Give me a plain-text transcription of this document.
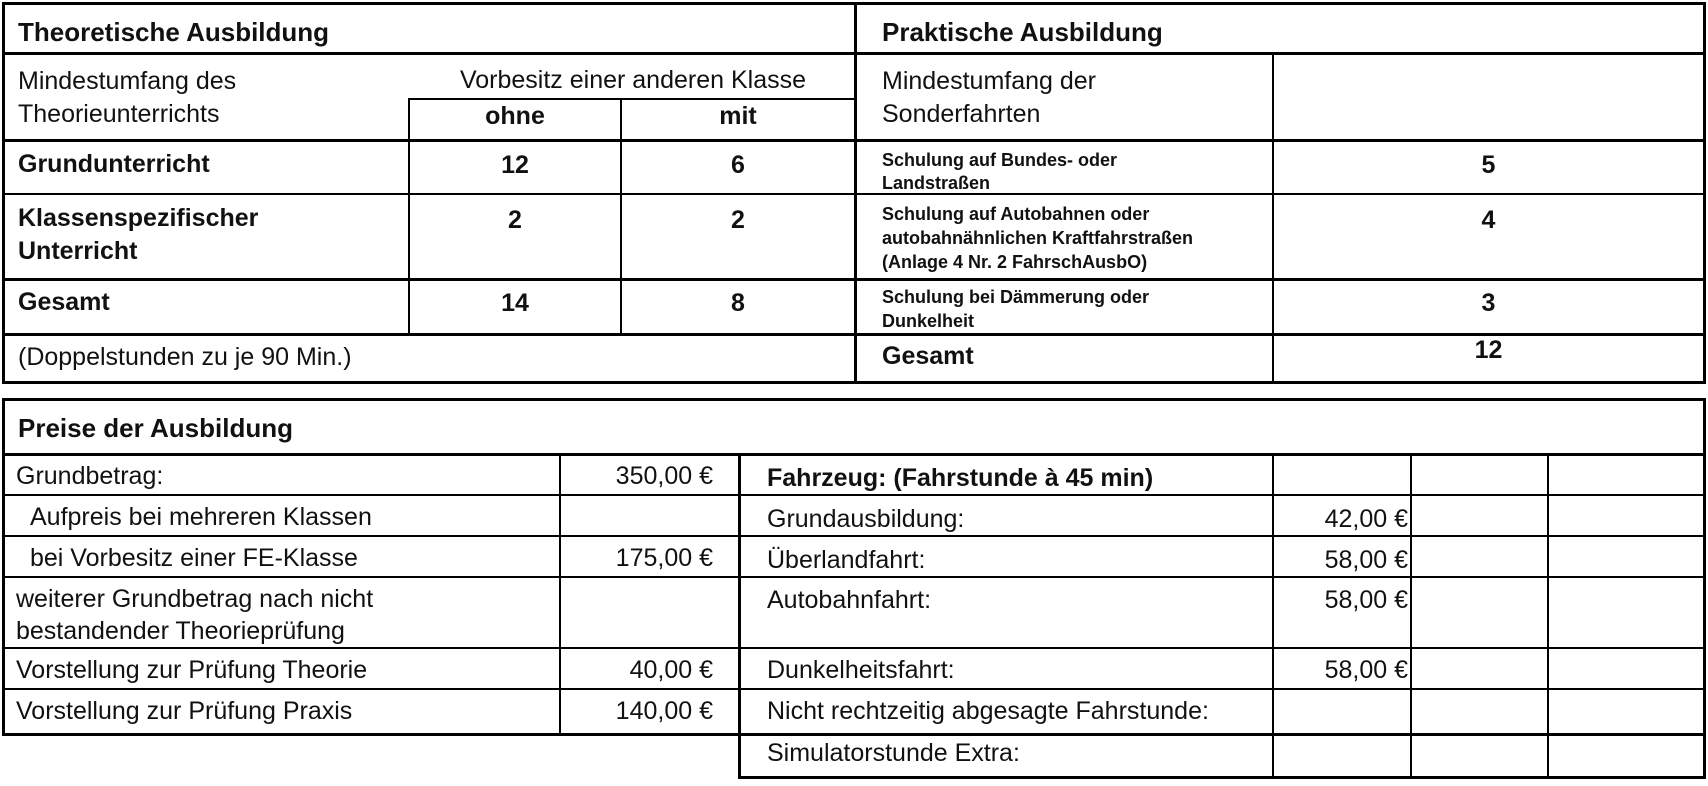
Theoretische Ausbildung
Mindestumfang des
Theorieunterrichts
Vorbesitz einer anderen Klasse
ohne	mit
Grundunterricht	12	6
Klassenspezifischer
Unterricht
2	2
Gesamt	14	8
(Doppelstunden zu je 90 Min.)
Praktische Ausbildung
Mindestumfang der
Sonderfahrten
Schulung auf Bundes- oder
Landstraßen
5
Schulung auf Autobahnen oder
autobahnähnlichen Kraftfahrstraßen
(Anlage 4 Nr. 2 FahrschAusbO)
4
Schulung bei Dämmerung oder
Dunkelheit
3
Gesamt	12
Preise der Ausbildung
Grundbetrag:	350,00 €
Aufpreis bei mehreren Klassen
bei Vorbesitz einer FE-Klasse	175,00 €
weiterer Grundbetrag nach nicht
bestandender Theorieprüfung
Vorstellung zur Prüfung Theorie	40,00 €
Vorstellung zur Prüfung Praxis	140,00 €
Fahrzeug: (Fahrstunde à 45 min)
Grundausbildung:	42,00 €
Überlandfahrt:	58,00 €
Autobahnfahrt:	58,00 €
Dunkelheitsfahrt:	58,00 €
Nicht rechtzeitig abgesagte Fahrstunde:
Simulatorstunde Extra:
